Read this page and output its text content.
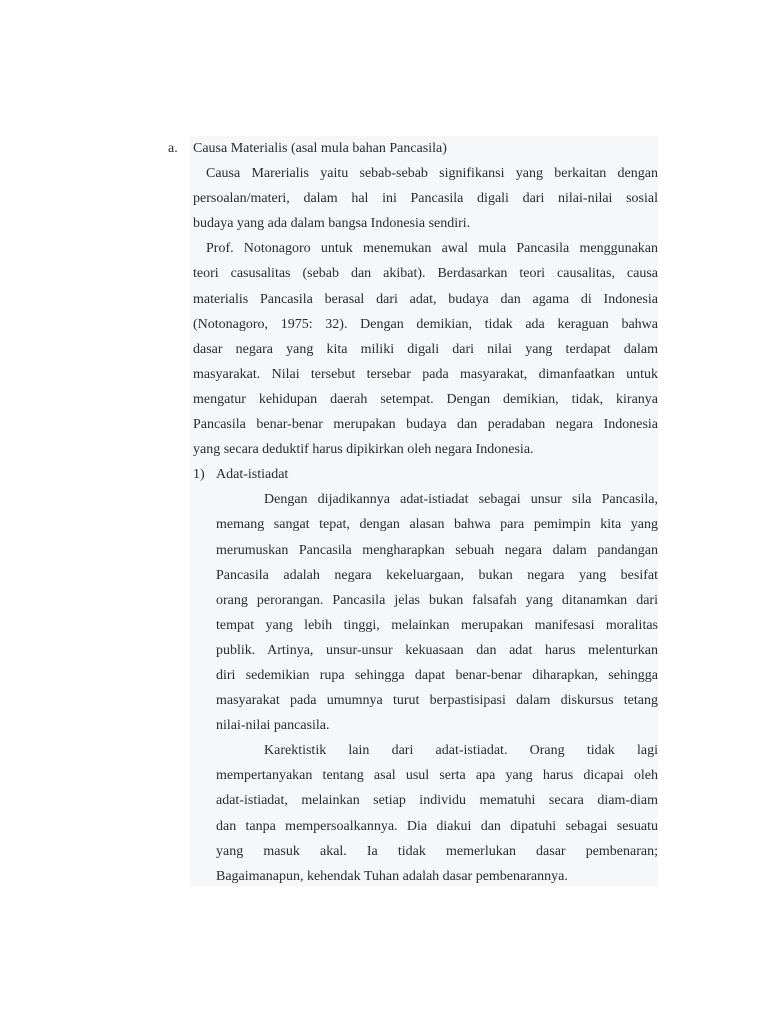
a. Causa Materialis (asal mula bahan Pancasila)
Causa Marerialis yaitu sebab-sebab signifikansi yang berkaitan dengan
persoalan/materi, dalam hal ini Pancasila digali dari nilai-nilai sosial
budaya yang ada dalam bangsa Indonesia sendiri.
Prof. Notonagoro untuk menemukan awal mula Pancasila menggunakan
teori casusalitas (sebab dan akibat). Berdasarkan teori causalitas, causa
materialis Pancasila berasal dari adat, budaya dan agama di Indonesia
(Notonagoro, 1975: 32). Dengan demikian, tidak ada keraguan bahwa
dasar negara yang kita miliki digali dari nilai yang terdapat dalam
masyarakat. Nilai tersebut tersebar pada masyarakat, dimanfaatkan untuk
mengatur kehidupan daerah setempat. Dengan demikian, tidak, kiranya
Pancasila benar-benar merupakan budaya dan peradaban negara Indonesia
yang secara deduktif harus dipikirkan oleh negara Indonesia.
1) Adat-istiadat
Dengan dijadikannya adat-istiadat sebagai unsur sila Pancasila,
memang sangat tepat, dengan alasan bahwa para pemimpin kita yang
merumuskan Pancasila mengharapkan sebuah negara dalam pandangan
Pancasila adalah negara kekeluargaan, bukan negara yang besifat
orang perorangan. Pancasila jelas bukan falsafah yang ditanamkan dari
tempat yang lebih tinggi, melainkan merupakan manifesasi moralitas
publik. Artinya, unsur-unsur kekuasaan dan adat harus melenturkan
diri sedemikian rupa sehingga dapat benar-benar diharapkan, sehingga
masyarakat pada umumnya turut berpastisipasi dalam diskursus tetang
nilai-nilai pancasila.
Karektistik lain dari adat-istiadat. Orang tidak lagi
mempertanyakan tentang asal usul serta apa yang harus dicapai oleh
adat-istiadat, melainkan setiap individu mematuhi secara diam-diam
dan tanpa mempersoalkannya. Dia diakui dan dipatuhi sebagai sesuatu
yang masuk akal. Ia tidak memerlukan dasar pembenaran;
Bagaimanapun, kehendak Tuhan adalah dasar pembenarannya.
